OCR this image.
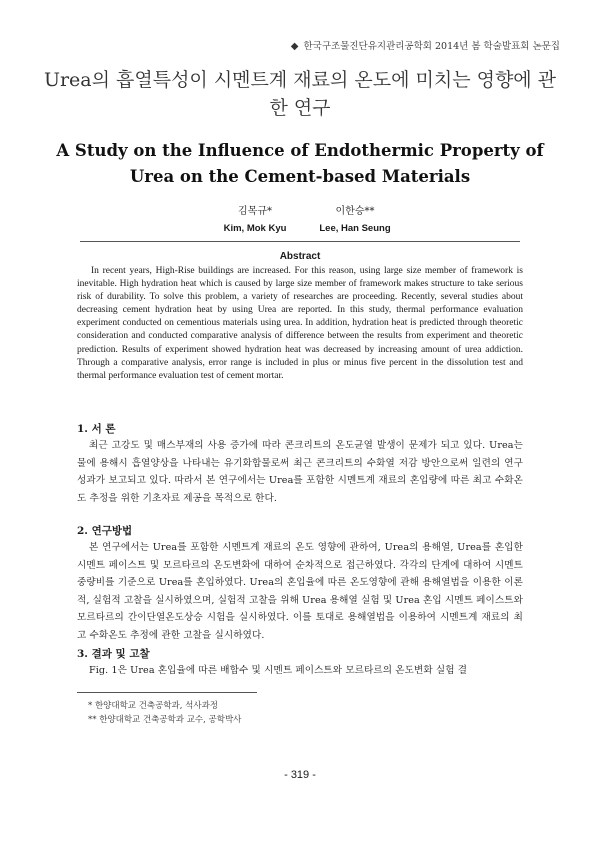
◆ 한국구조물진단유지관리공학회 2014년 봄 학술발표회 논문집
Urea의 흡열특성이 시멘트계 재료의 온도에 미치는 영향에 관한 연구
A Study on the Influence of Endothermic Property of Urea on the Cement-based Materials
김목규*
Kim, Mok Kyu
이한승**
Lee, Han Seung
Abstract

In recent years, High-Rise buildings are increased. For this reason, using large size member of framework is inevitable. High hydration heat which is caused by large size member of framework makes structure to take serious risk of durability. To solve this problem, a variety of researches are proceeding. Recently, several studies about decreasing cement hydration heat by using Urea are reported. In this study, thermal performance evaluation experiment conducted on cementious materials using urea. In addition, hydration heat is predicted through theoretic consideration and conducted comparative analysis of difference between the results from experiment and theoretic prediction. Results of experiment showed hydration heat was decreased by increasing amount of urea addiction. Through a comparative analysis, error range is included in plus or minus five percent in the dissolution test and thermal performance evaluation test of cement mortar.

1. 서 론

최근 고강도 및 매스부재의 사용 증가에 따라 콘크리트의 온도균열 발생이 문제가 되고 있다. Urea는 물에 용해시 흡열양상을 나타내는 유기화합물로써 최근 콘크리트의 수화열 저감 방안으로써 일련의 연구 성과가 보고되고 있다. 따라서 본 연구에서는 Urea를 포함한 시멘트계 재료의 혼입량에 따른 최고 수화온도 추정을 위한 기초자료 제공을 목적으로 한다.

2. 연구방법

본 연구에서는 Urea를 포함한 시멘트계 재료의 온도 영향에 관하여, Urea의 용해열, Urea를 혼입한 시멘트 페이스트 및 모르타르의 온도변화에 대하여 순차적으로 접근하였다. 각각의 단계에 대하여 시멘트 중량비를 기준으로 Urea를 혼입하였다. Urea의 혼입율에 따른 온도영향에 관해 용해열법을 이용한 이론적, 실험적 고찰을 실시하였으며, 실험적 고찰을 위해 Urea 용해열 실험 및 Urea 혼입 시멘트 페이스트와 모르타르의 간이단열온도상승 시험을 실시하였다. 이를 토대로 용해열법을 이용하여 시멘트계 재료의 최고 수화온도 추정에 관한 고찰을 실시하였다.

3. 결과 및 고찰

Fig. 1은 Urea 혼입율에 따른 배합수 및 시멘트 페이스트와 모르타르의 온도변화 실험 결

* 한양대학교 건축공학과, 석사과정
** 한양대학교 건축공학과 교수, 공학박사
- 319 -
